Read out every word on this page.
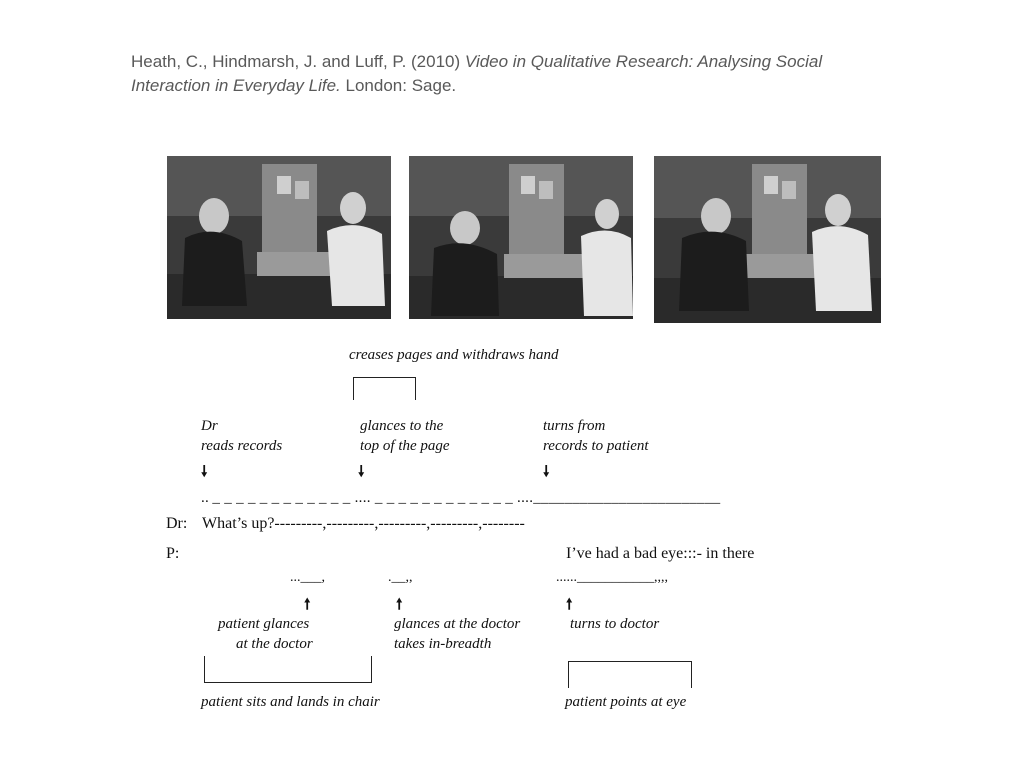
Heath, C., Hindmarsh, J. and Luff, P. (2010) Video in Qualitative Research: Analysing Social Interaction in Everyday Life. London: Sage.
creases pages and withdraws hand
Dr
reads records
glances to the
top of the page
turns from
records to patient
🠗	🠗	🠗
.. _ _ _ _ _ _ _ _ _ _ _ _ .... _ _ _ _ _ _ _ _ _ _ _ _ ....________________________
Dr: What’s up?---------,---------,---------,---------,--------
P:	I’ve had a bad eye:::- in there
...___,	.__,,	......___________,,,,
🠕	🠕	🠕
patient glances
at the doctor
glances at the doctor
takes in-breadth
turns to doctor
patient sits and lands in chair	patient points at eye
